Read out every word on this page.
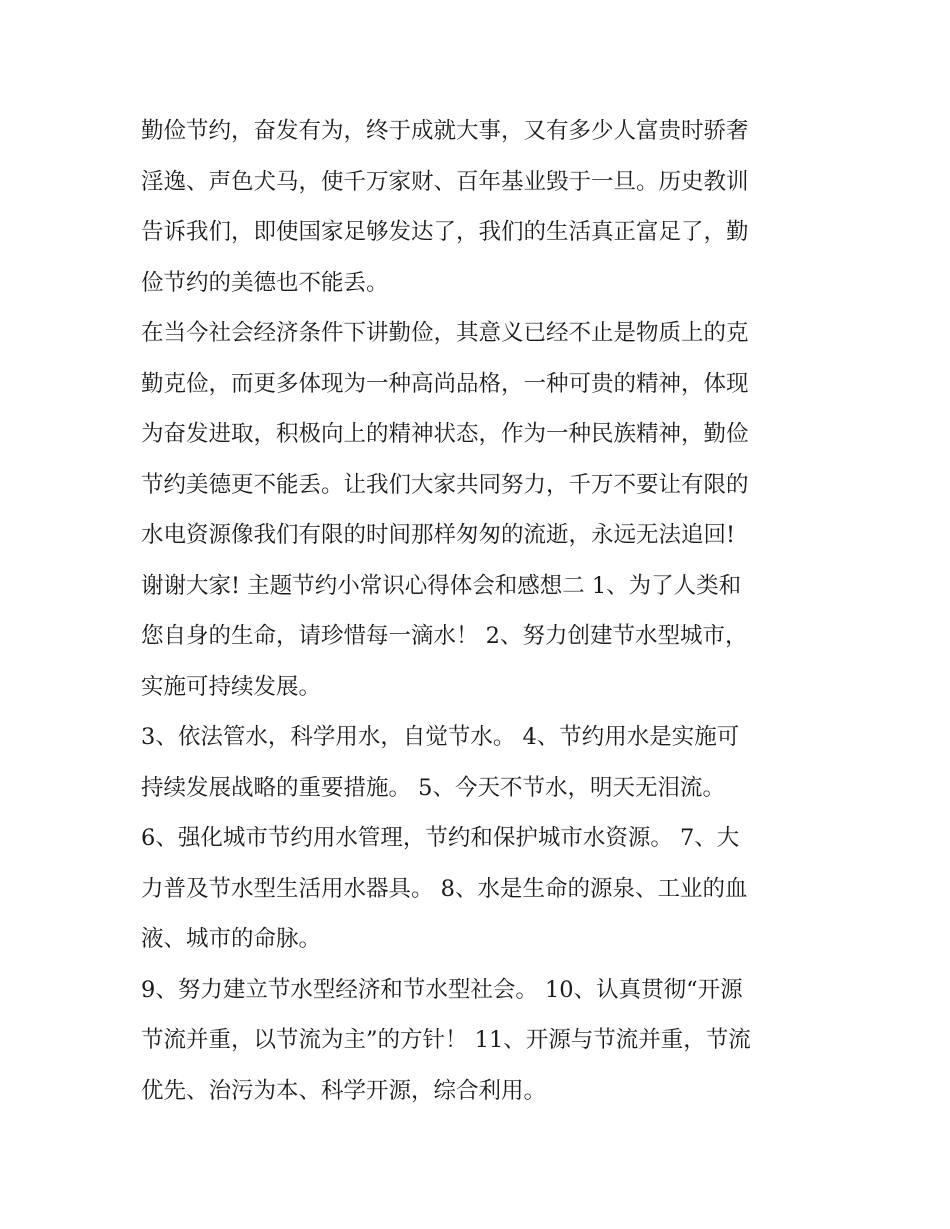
勤俭节约，奋发有为，终于成就大事，又有多少人富贵时骄奢
淫逸、声色犬马，使千万家财、百年基业毁于一旦。历史教训
告诉我们，即使国家足够发达了，我们的生活真正富足了，勤
俭节约的美德也不能丢。

在当今社会经济条件下讲勤俭，其意义已经不止是物质上的克
勤克俭，而更多体现为一种高尚品格，一种可贵的精神，体现
为奋发进取，积极向上的精神状态，作为一种民族精神，勤俭
节约美德更不能丢。让我们大家共同努力，千万不要让有限的
水电资源像我们有限的时间那样匆匆的流逝，永远无法追回!
谢谢大家! 主题节约小常识心得体会和感想二 1、为了人类和
您自身的生命，请珍惜每一滴水！ 2、努力创建节水型城市，
实施可持续发展。

3、依法管水，科学用水，自觉节水。 4、节约用水是实施可
持续发展战略的重要措施。 5、今天不节水，明天无泪流。

6、强化城市节约用水管理，节约和保护城市水资源。 7、大
力普及节水型生活用水器具。 8、水是生命的源泉、工业的血
液、城市的命脉。

9、努力建立节水型经济和节水型社会。 10、认真贯彻“开源
节流并重，以节流为主”的方针！ 11、开源与节流并重，节流
优先、治污为本、科学开源，综合利用。
